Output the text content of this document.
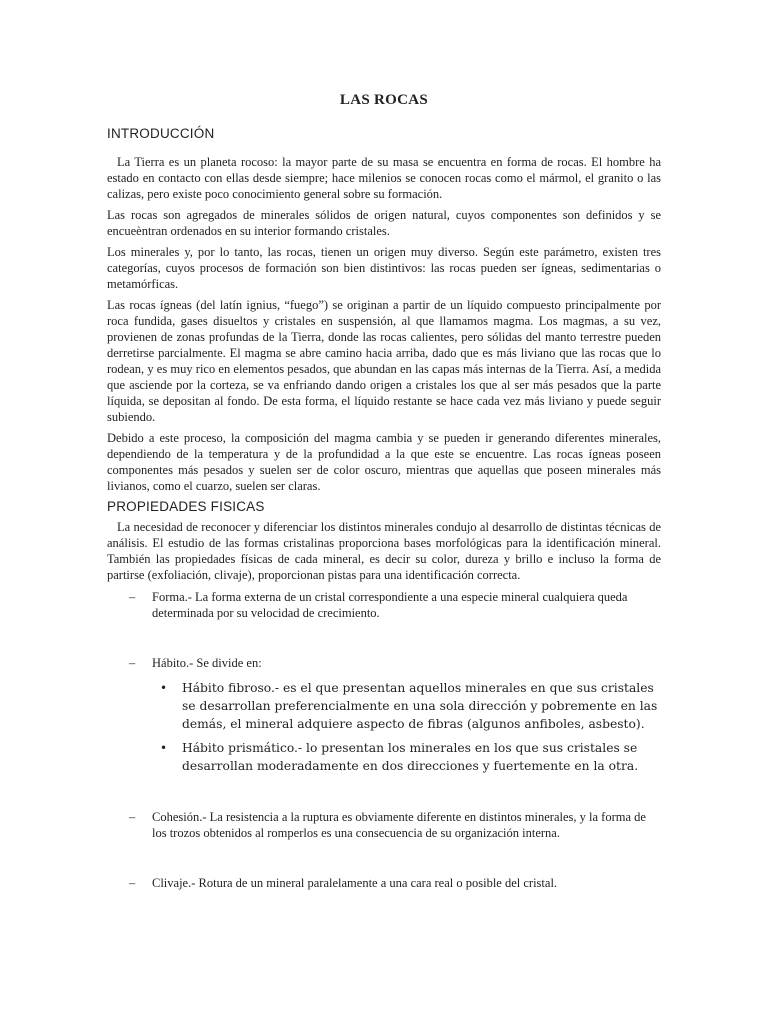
LAS ROCAS
INTRODUCCIÓN

La Tierra es un planeta rocoso: la mayor parte de su masa se encuentra en forma de rocas. El hombre ha estado en contacto con ellas desde siempre; hace milenios se conocen rocas como el mármol, el granito o las calizas, pero existe poco conocimiento general sobre su formación.

Las rocas son agregados de minerales sólidos de origen natural, cuyos componentes son definidos y se encueèntran ordenados en su interior formando cristales.

Los minerales y, por lo tanto, las rocas, tienen un origen muy diverso. Según este parámetro, existen tres categorías, cuyos procesos de formación son bien distintivos: las rocas pueden ser ígneas, sedimentarias o metamórficas.

Las rocas ígneas (del latín ignius, “fuego”) se originan a partir de un líquido compuesto principalmente por roca fundida, gases disueltos y cristales en suspensión, al que llamamos magma. Los magmas, a su vez, provienen de zonas profundas de la Tierra, donde las rocas calientes, pero sólidas del manto terrestre pueden derretirse parcialmente. El magma se abre camino hacia arriba, dado que es más liviano que las rocas que lo rodean, y es muy rico en elementos pesados, que abundan en las capas más internas de la Tierra. Así, a medida que asciende por la corteza, se va enfriando dando origen a cristales los que al ser más pesados que la parte líquida, se depositan al fondo. De esta forma, el líquido restante se hace cada vez más liviano y puede seguir subiendo.

Debido a este proceso, la composición del magma cambia y se pueden ir generando diferentes minerales, dependiendo de la temperatura y de la profundidad a la que este se encuentre. Las rocas ígneas poseen componentes más pesados y suelen ser de color oscuro, mientras que aquellas que poseen minerales más livianos, como el cuarzo, suelen ser claras.

PROPIEDADES FISICAS

La necesidad de reconocer y diferenciar los distintos minerales condujo al desarrollo de distintas técnicas de análisis. El estudio de las formas cristalinas proporciona bases morfológicas para la identificación mineral. También las propiedades físicas de cada mineral, es decir su color, dureza y brillo e incluso la forma de partirse (exfoliación, clivaje), proporcionan pistas para una identificación correcta.

– Forma.- La forma externa de un cristal correspondiente a una especie mineral cualquiera queda determinada por su velocidad de crecimiento.
– Hábito.- Se divide en:
• Hábito fibroso.- es el que presentan aquellos minerales en que sus cristales se desarrollan preferencialmente en una sola dirección y pobremente en las demás, el mineral adquiere aspecto de fibras (algunos anfiboles, asbesto).
• Hábito prismático.- lo presentan los minerales en los que sus cristales se desarrollan moderadamente en dos direcciones y fuertemente en la otra.
– Cohesión.- La resistencia a la ruptura es obviamente diferente en distintos minerales, y la forma de los trozos obtenidos al romperlos es una consecuencia de su organización interna.
– Clivaje.- Rotura de un mineral paralelamente a una cara real o posible del cristal.
